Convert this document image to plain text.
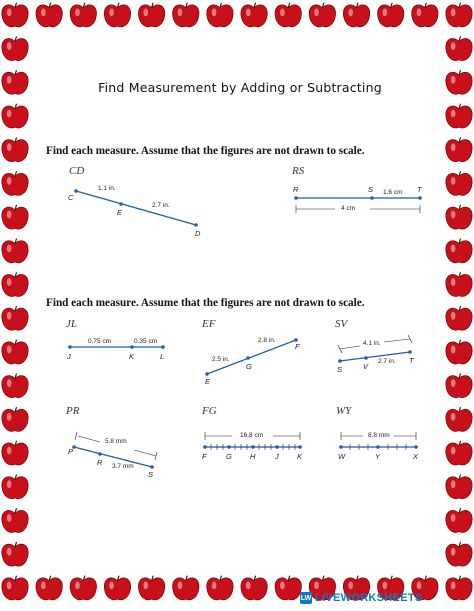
Find Measurement by Adding or Subtracting
Find each measure. Assume that the figures are not drawn to scale.
Find each measure. Assume that the figures are not drawn to scale.
CD
C
E
D
1.1 in.
2.7 in.
RS
R	S	T
1.6 cm
4 cm
JL
J	K	L
0.75 cm	0.35 cm
EF
E
G
F
2.5 in.
2.8 in.
SV
S	V
T
4.1 in.
2.7 in.
PR
P
R
S
5.8 mm
3.7 mm
FG
F	G H	J K
16.8 cm
WY
W	Y	X
8.8 mm
LW LIVEWORKSHEETS
